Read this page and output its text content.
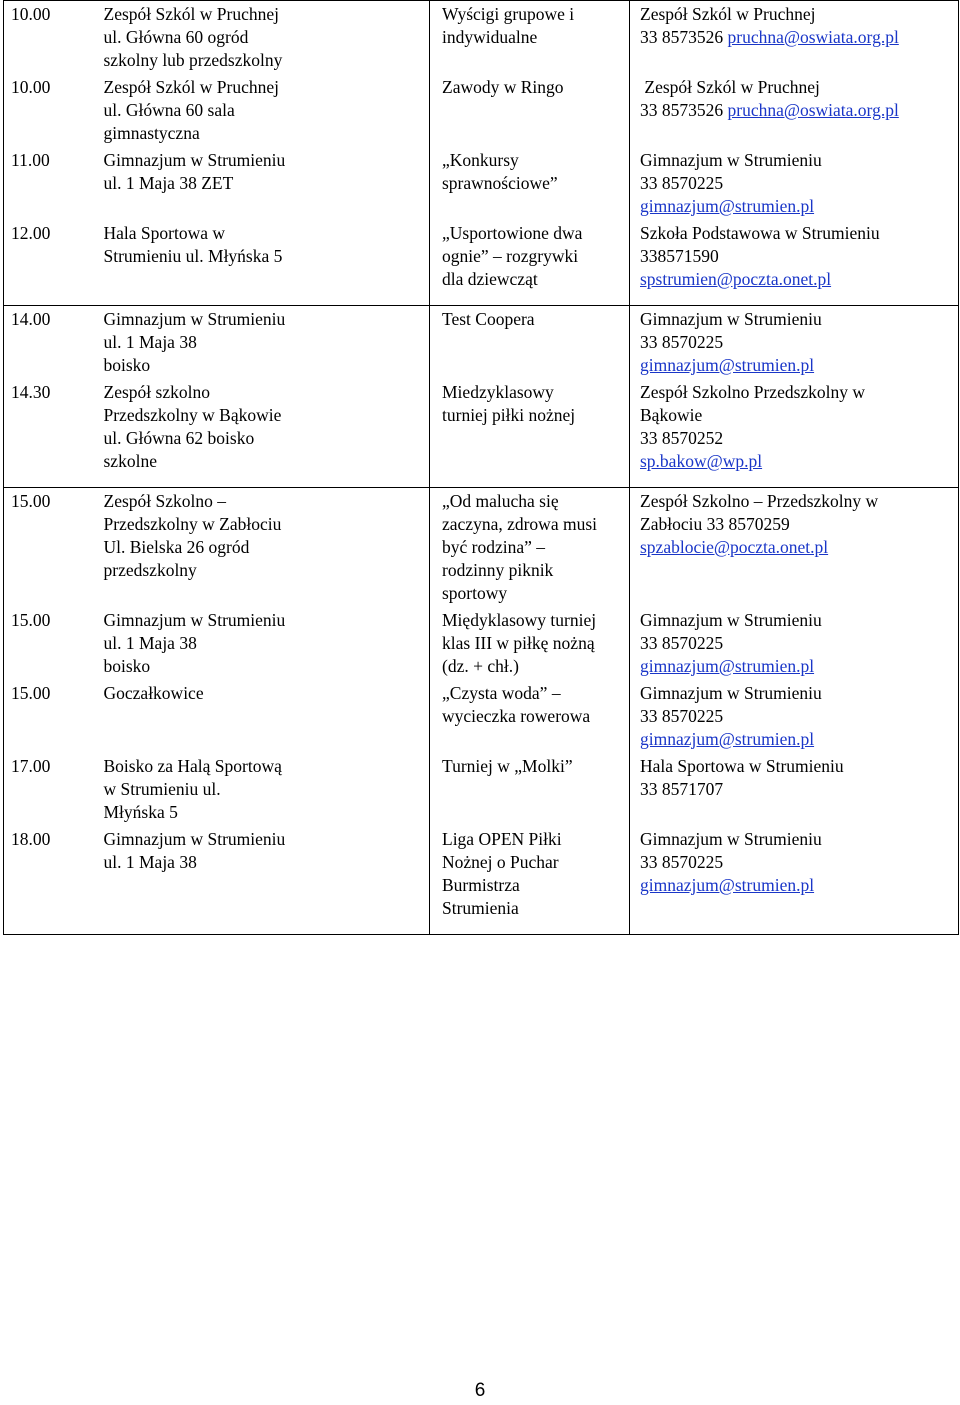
10.00	Zespół Szkól w Pruchnej
ul. Główna 60 ogród
szkolny lub przedszkolny	Wyścigi grupowe i
indywidualne	Zespół Szkól w Pruchnej
33 8573526 pruchna@oswiata.org.pl

10.00	Zespół Szkól w Pruchnej
ul. Główna 60 sala
gimnastyczna	Zawody w Ringo	Zespół Szkól w Pruchnej
33 8573526 pruchna@oswiata.org.pl

11.00	Gimnazjum w Strumieniu
ul. 1 Maja 38 ZET	„Konkursy
sprawnościowe”	Gimnazjum w Strumieniu
33 8570225
gimnazjum@strumien.pl

12.00	Hala Sportowa w
Strumieniu ul. Młyńska 5	„Usportowione dwa
ognie” – rozgrywki
dla dziewcząt	Szkoła Podstawowa w Strumieniu
338571590
spstrumien@poczta.onet.pl

14.00	Gimnazjum w Strumieniu
ul. 1 Maja 38
boisko	Test Coopera	Gimnazjum w Strumieniu
33 8570225
gimnazjum@strumien.pl

14.30	Zespół szkolno
Przedszkolny w Bąkowie
ul. Główna 62 boisko
szkolne	Miedzyklasowy
turniej piłki nożnej	Zespół Szkolno Przedszkolny w
Bąkowie
33 8570252
sp.bakow@wp.pl

15.00	Zespół Szkolno –
Przedszkolny w Zabłociu
Ul. Bielska 26 ogród
przedszkolny	„Od malucha się
zaczyna, zdrowa musi
być rodzina” –
rodzinny piknik
sportowy	Zespół Szkolno – Przedszkolny w
Zabłociu 33 8570259
spzablocie@poczta.onet.pl

15.00	Gimnazjum w Strumieniu
ul. 1 Maja 38
boisko	Międyklasowy turniej
klas III w piłkę nożną
(dz. + chł.)	Gimnazjum w Strumieniu
33 8570225
gimnazjum@strumien.pl

15.00	Goczałkowice	„Czysta woda” –
wycieczka rowerowa	Gimnazjum w Strumieniu
33 8570225
gimnazjum@strumien.pl

17.00	Boisko za Halą Sportową
w Strumieniu ul.
Młyńska 5	Turniej w „Molki”	Hala Sportowa w Strumieniu
33 8571707

18.00	Gimnazjum w Strumieniu
ul. 1 Maja 38	Liga OPEN Piłki
Nożnej o Puchar
Burmistrza
Strumienia	Gimnazjum w Strumieniu
33 8570225
gimnazjum@strumien.pl
6
